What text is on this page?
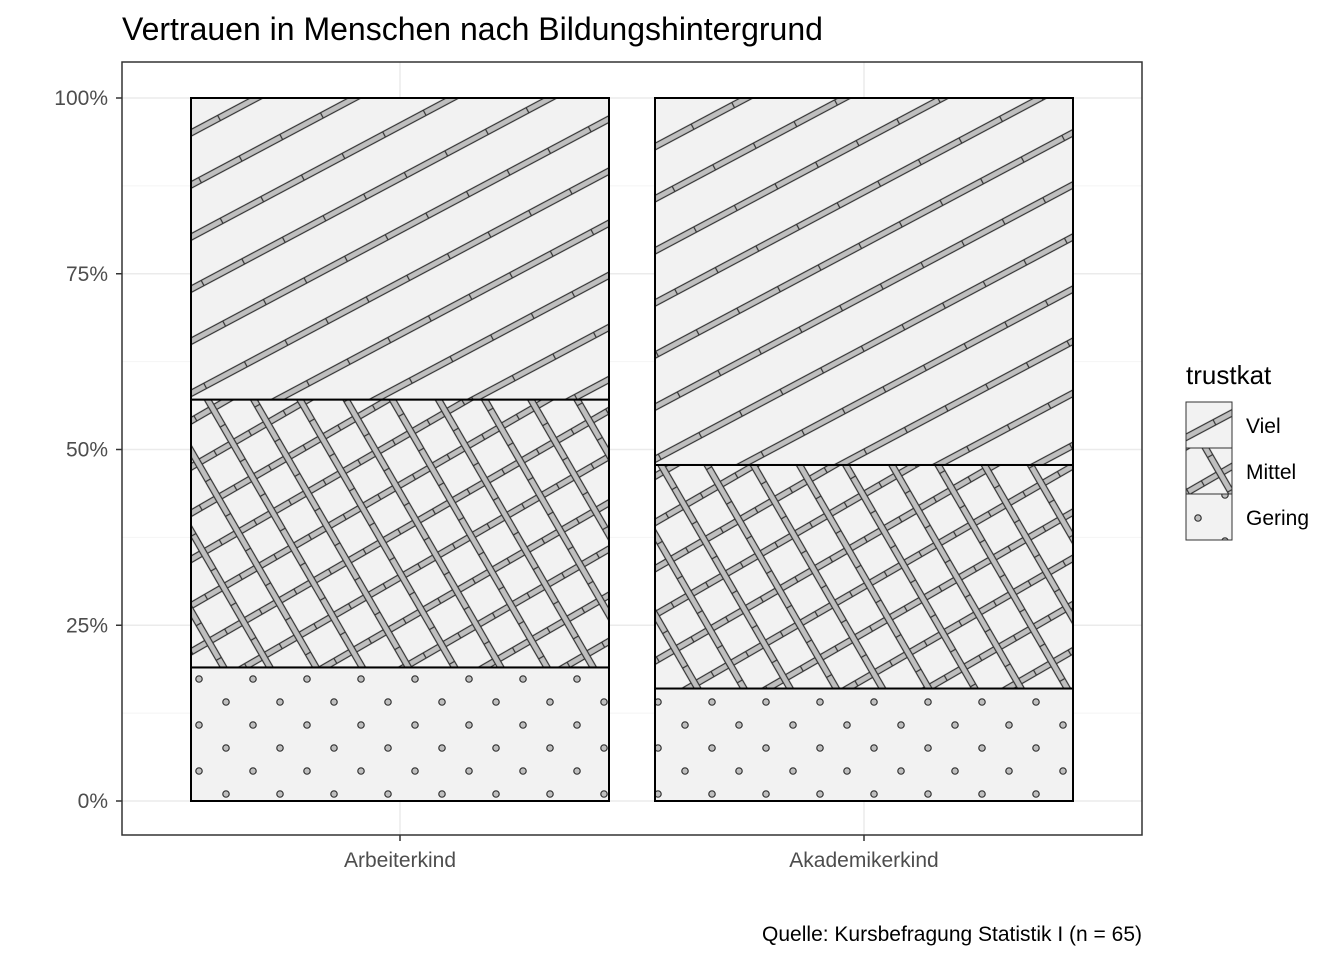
Vertrauen in Menschen nach Bildungshintergrund
0%
25%
50%
75%
100%
Arbeiterkind	Akademikerkind
trustkat
Viel
Mittel
Gering
Quelle: Kursbefragung Statistik I (n = 65)
